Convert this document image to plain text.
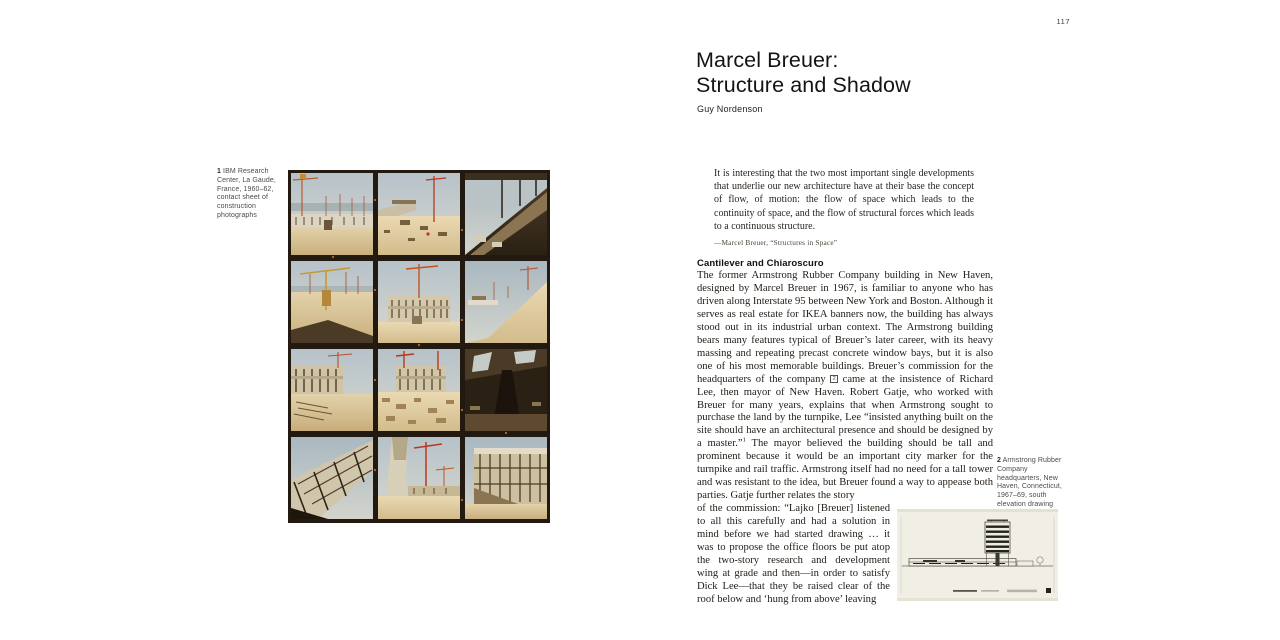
117
Marcel Breuer:
Structure and Shadow
Guy Nordenson
It is interesting that the two most important single developments that underlie our new architecture have at their base the concept of flow, of motion: the flow of space which leads to the continuity of space, and the flow of structural forces which leads to a continuous structure.
—Marcel Breuer, “Structures in Space”
Cantilever and Chiaroscuro

The former Armstrong Rubber Company building in New Haven, designed by Marcel Breuer in 1967, is familiar to anyone who has driven along Interstate 95 between New York and Boston. Although it serves as real estate for IKEA banners now, the building has always stood out in its industrial urban context. The Armstrong building bears many features typical of Breuer’s later career, with its heavy massing and repeating precast concrete window bays, but it is also one of his most memorable buildings. Breuer’s commission for the headquarters of the company 2 came at the insistence of Richard Lee, then mayor of New Haven. Robert Gatje, who worked with Breuer for many years, explains that when Armstrong sought to purchase the land by the turnpike, Lee “insisted anything built on the site should have an architectural presence and should be designed by a master.”$^1$ The mayor believed the building should be tall and prominent because it would be an important city marker for the turnpike and rail traffic. Armstrong itself had no need for a tall tower and was resistant to the idea, but Breuer found a way to appease both parties. Gatje further relates the story

of the commission: “Lajko [Breuer] listened to all this carefully and had a solution in mind before we had started drawing … it was to propose the office floors be put atop the two-story research and development wing at grade and then—in order to satisfy Dick Lee—that they be raised clear of the roof below and ‘hung from above’ leaving

1 IBM Research Center, La Gaude, France, 1960–62, contact sheet of construction photographs
2 Armstrong Rubber Company headquarters, New Haven, Connecticut, 1967–69, south elevation drawing
